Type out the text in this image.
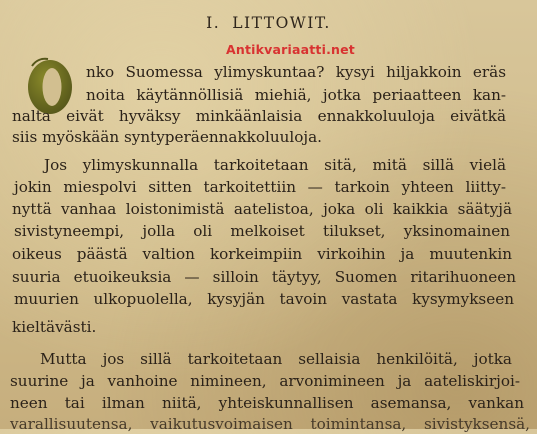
I. LITTOWIT.
Antikvariaatti.net
nko Suomessa ylimyskuntaa? kysyi hiljakkoin eräs
noita käytännöllisiä miehiä, jotka periaatteen kan-
nalta eivät hyväksy minkäänlaisia ennakkoluuloja eivätkä
siis myöskään syntyperäennakkoluuloja.
Jos ylimyskunnalla tarkoitetaan sitä, mitä sillä vielä
jokin miespolvi sitten tarkoitettiin — tarkoin yhteen liitty-
nyttä vanhaa loistonimistä aatelistoa, joka oli kaikkia säätyjä
sivistyneempi, jolla oli melkoiset tilukset, yksinomainen
oikeus päästä valtion korkeimpiin virkoihin ja muutenkin
suuria etuoikeuksia — silloin täytyy, Suomen ritarihuoneen
muurien ulkopuolella, kysyjän tavoin vastata kysymykseen
kieltävästi.
Mutta jos sillä tarkoitetaan sellaisia henkilöitä, jotka
suurine ja vanhoine nimineen, arvonimineen ja aateliskirjoi-
neen tai ilman niitä, yhteiskunnallisen asemansa, vankan
varallisuutensa, vaikutusvoimaisen toimintansa, sivistyksensä,
